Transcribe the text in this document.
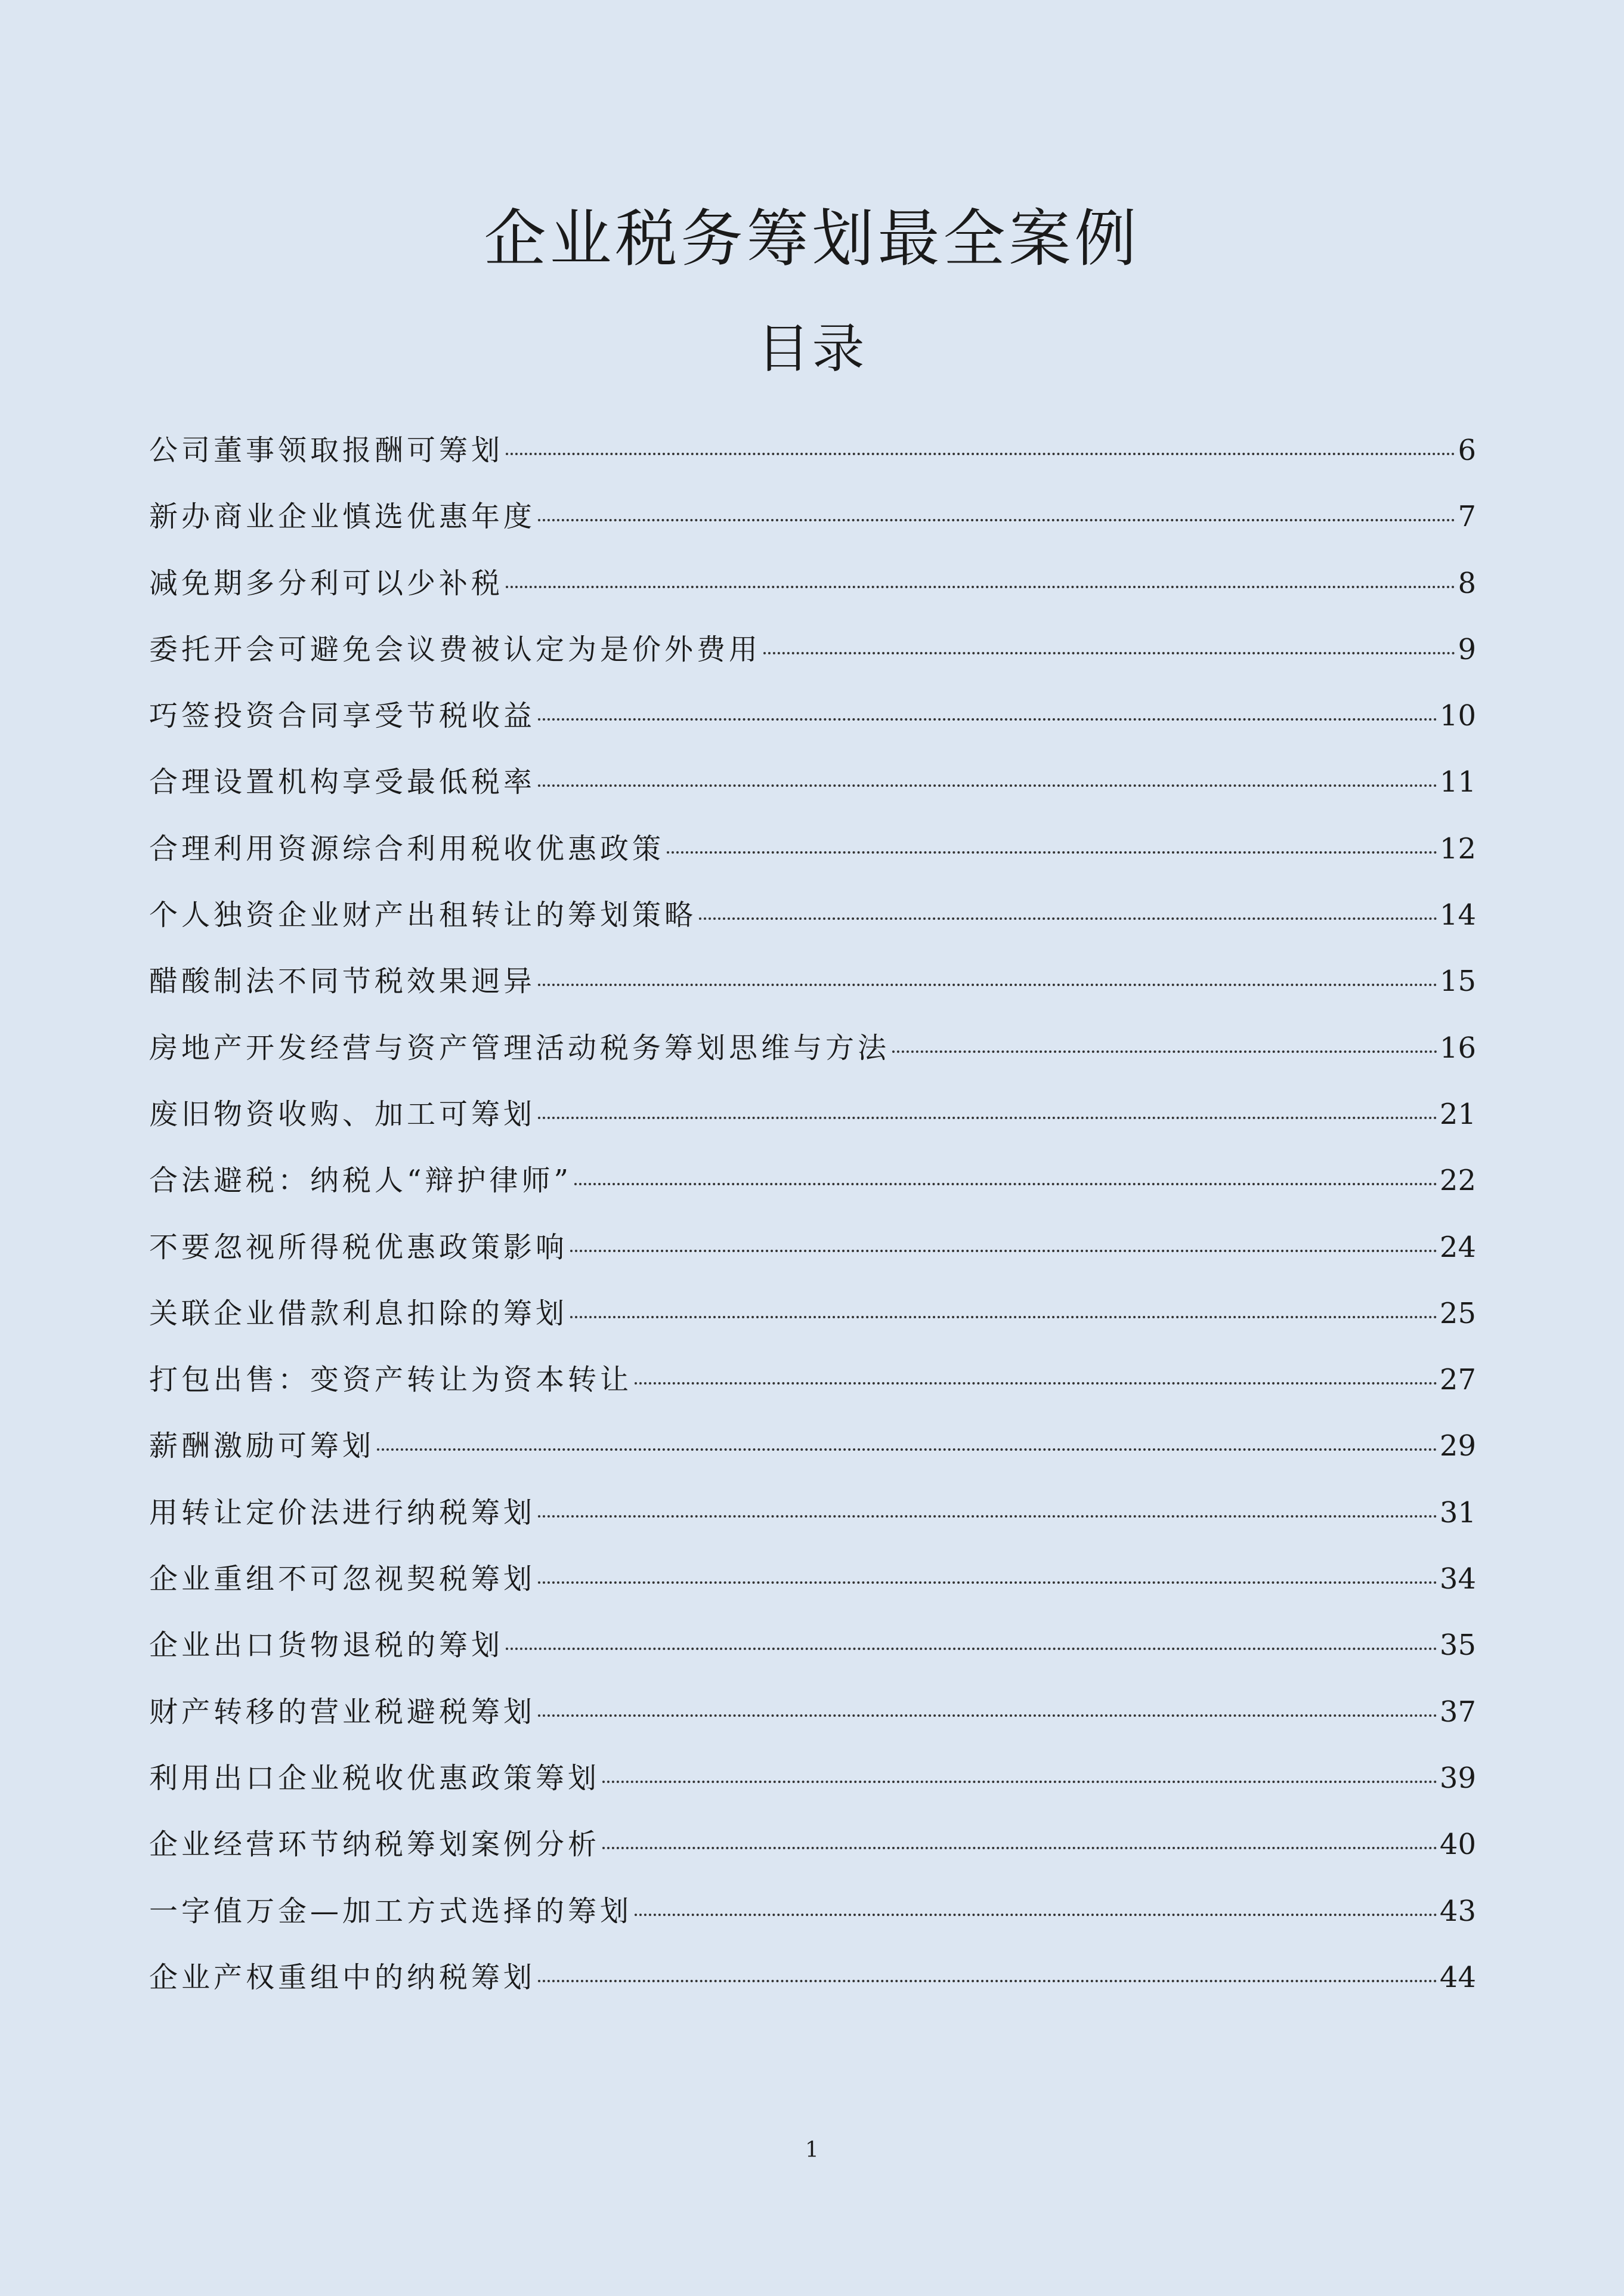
企业税务筹划最全案例
目录
公司董事领取报酬可筹划	6
新办商业企业慎选优惠年度	7
减免期多分利可以少补税	8
委托开会可避免会议费被认定为是价外费用	9
巧签投资合同享受节税收益	10
合理设置机构享受最低税率	11
合理利用资源综合利用税收优惠政策	12
个人独资企业财产出租转让的筹划策略	14
醋酸制法不同节税效果迥异	15
房地产开发经营与资产管理活动税务筹划思维与方法	16
废旧物资收购、加工可筹划	21
合法避税：纳税人“辩护律师”	22
不要忽视所得税优惠政策影响	24
关联企业借款利息扣除的筹划	25
打包出售：变资产转让为资本转让	27
薪酬激励可筹划	29
用转让定价法进行纳税筹划	31
企业重组不可忽视契税筹划	34
企业出口货物退税的筹划	35
财产转移的营业税避税筹划	37
利用出口企业税收优惠政策筹划	39
企业经营环节纳税筹划案例分析	40
一字值万金—加工方式选择的筹划	43
企业产权重组中的纳税筹划	44
1
